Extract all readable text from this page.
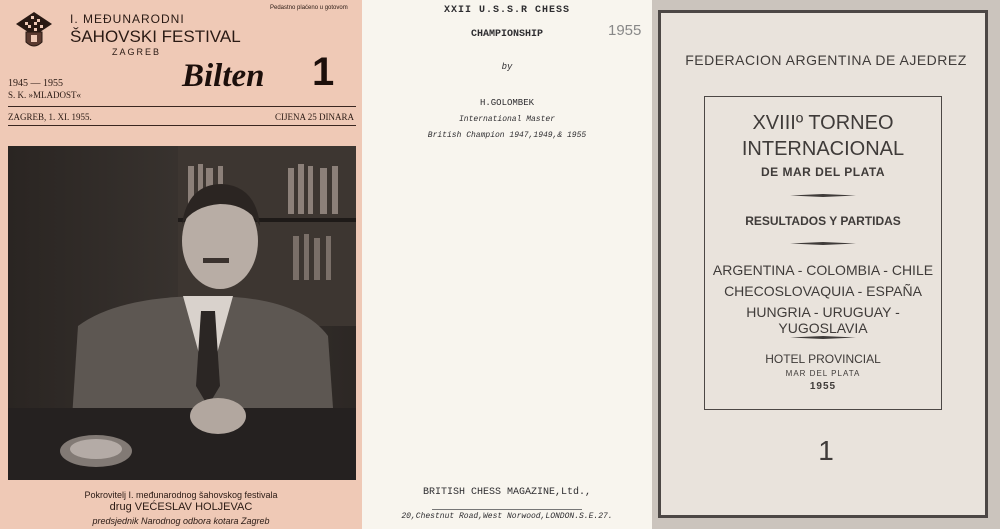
Pedastno plaćeno u gotovom
I. MEĐUNARODNI
ŠAHOVSKI FESTIVAL
ZAGREB
1945 — 1955
S. K. »MLADOST«
Bilten 1
ZAGREB, 1. XI. 1955.	CIJENA 25 DINARA
Pokrovitelj I. međunarodnog šahovskog festivala
drug VEĆESLAV HOLJEVAC
predsjednik Narodnog odbora kotara Zagreb
XXII U.S.S.R CHESS
1955
CHAMPIONSHIP
by
H.GOLOMBEK
International Master
British Champion 1947,1949,& 1955
BRITISH CHESS MAGAZINE,Ltd.,
20,Chestnut Road,West Norwood,LONDON.S.E.27.
FEDERACION ARGENTINA DE AJEDREZ
XVIIIº TORNEO
INTERNACIONAL
DE MAR DEL PLATA
RESULTADOS Y PARTIDAS
ARGENTINA - COLOMBIA - CHILE
CHECOSLOVAQUIA - ESPAÑA
HUNGRIA - URUGUAY - YUGOSLAVIA
HOTEL PROVINCIAL
MAR DEL PLATA
1955
1
